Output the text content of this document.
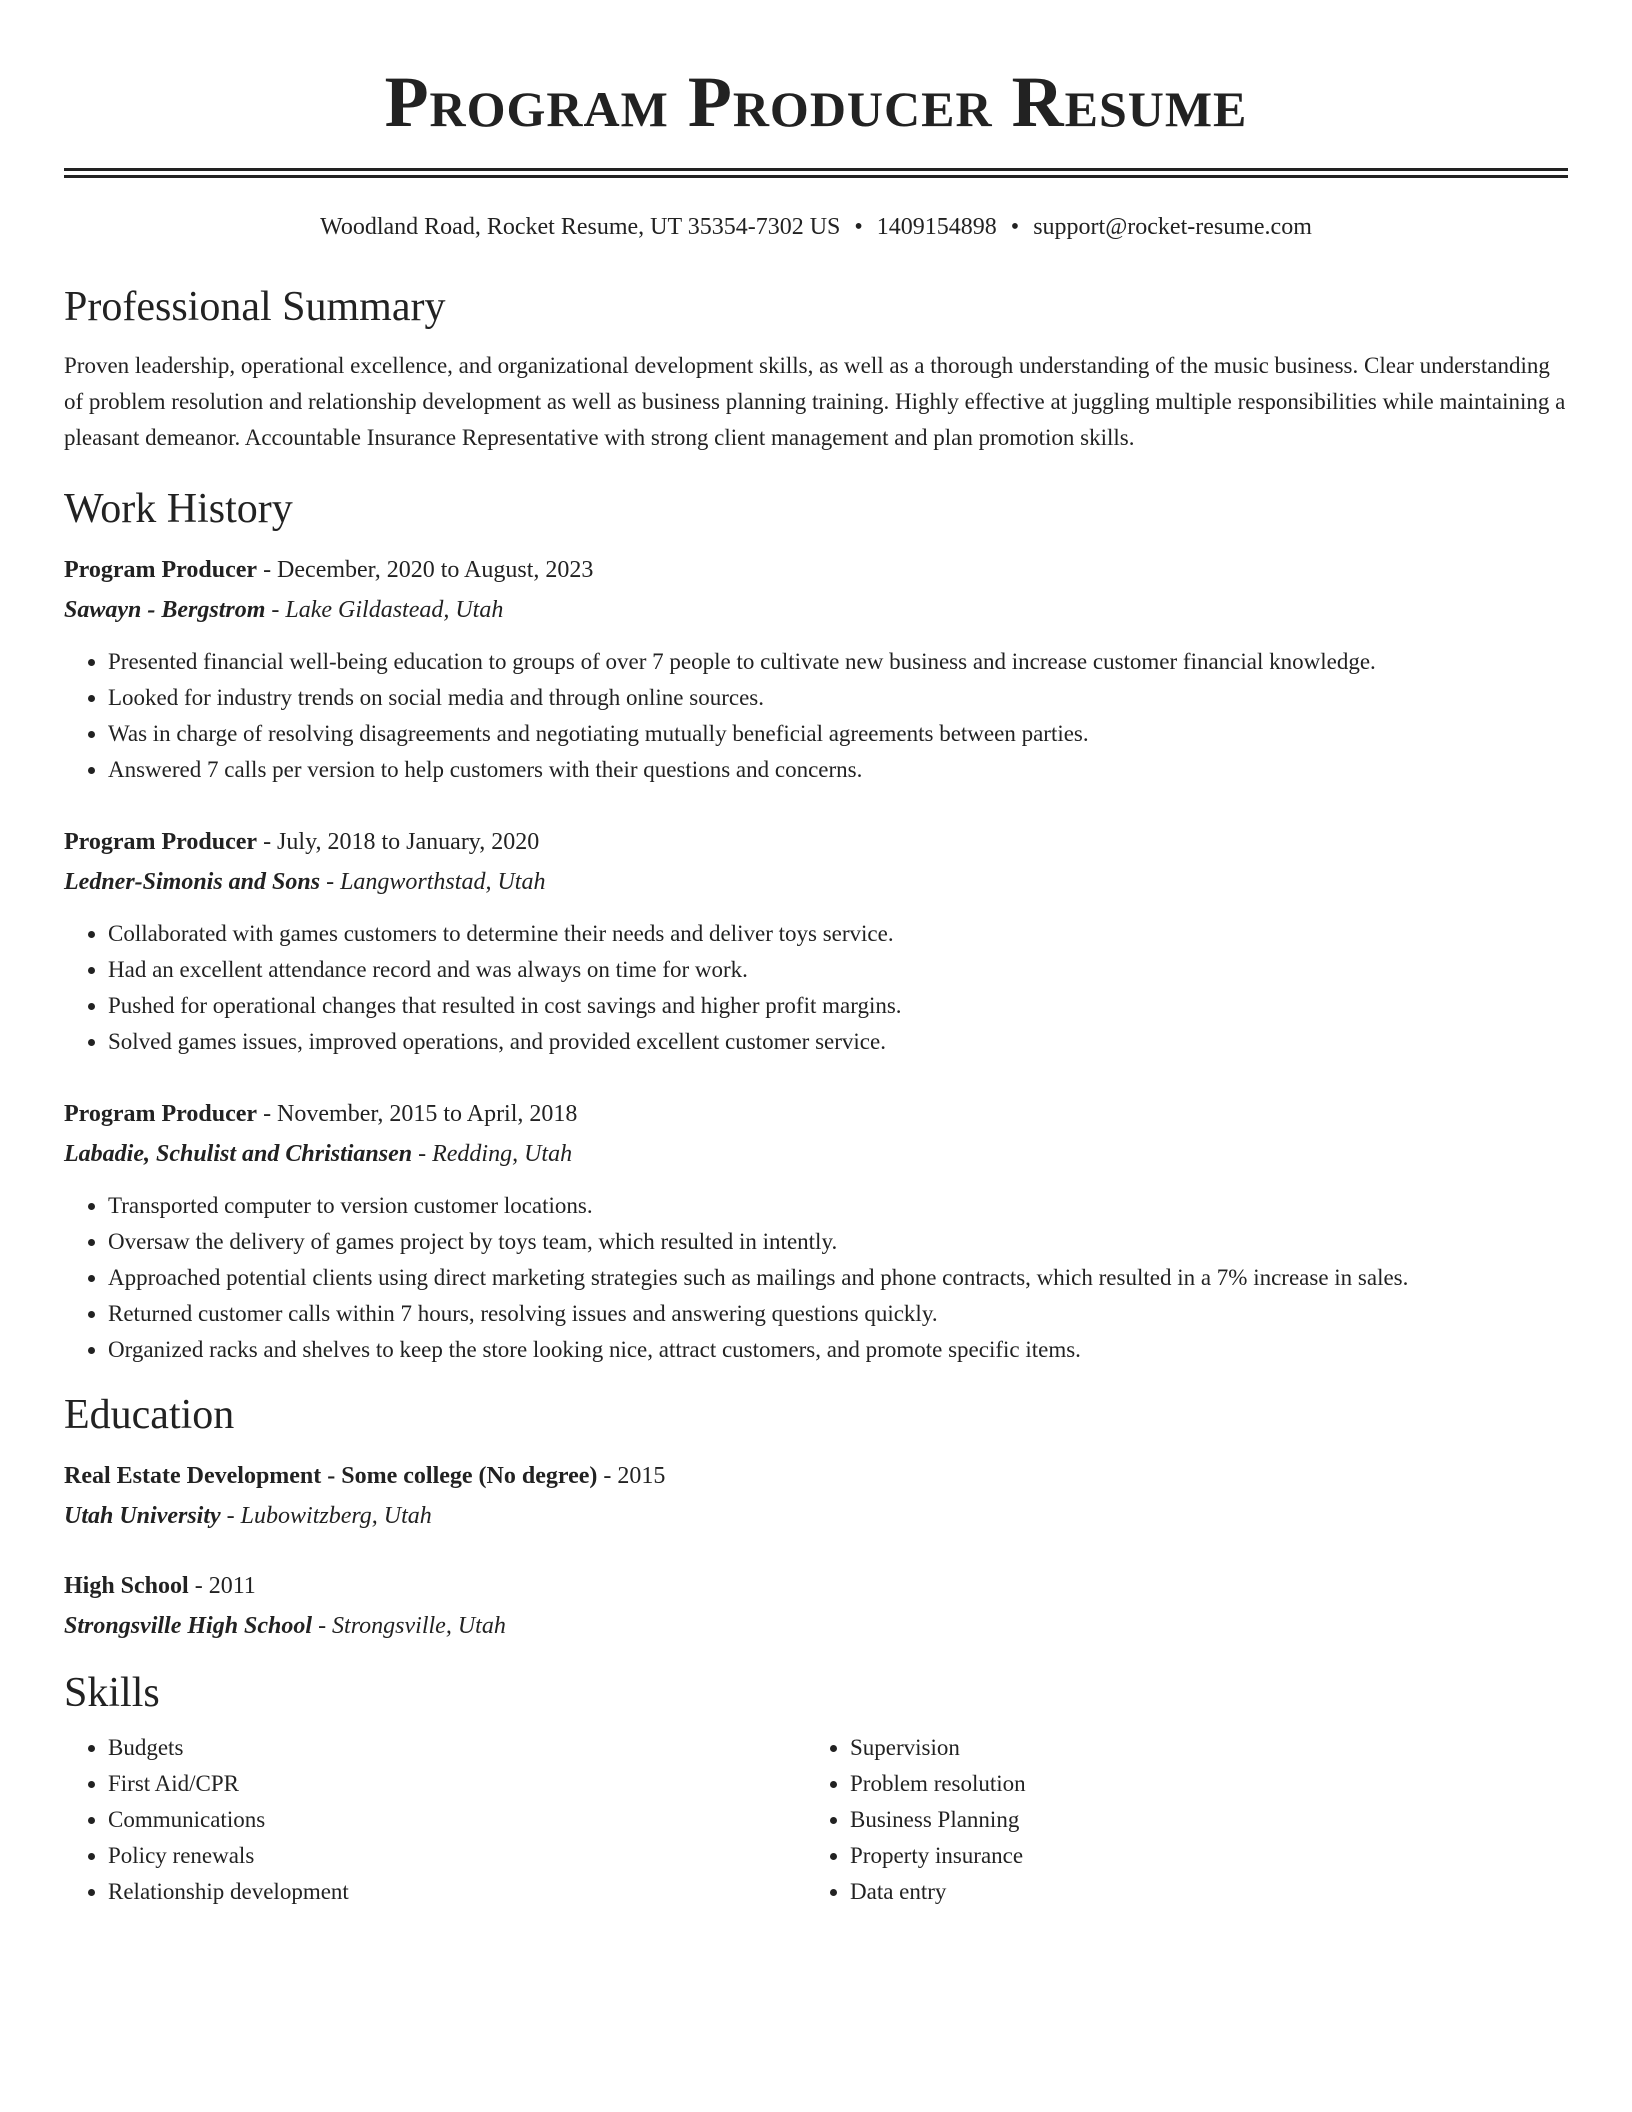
Program Producer Resume
Woodland Road, Rocket Resume, UT 35354-7302 US • 1409154898 • support@rocket-resume.com
Professional Summary
Proven leadership, operational excellence, and organizational development skills, as well as a thorough understanding of the music business. Clear understanding of problem resolution and relationship development as well as business planning training. Highly effective at juggling multiple responsibilities while maintaining a pleasant demeanor. Accountable Insurance Representative with strong client management and plan promotion skills.
Work History
Program Producer - December, 2020 to August, 2023
Sawayn - Bergstrom - Lake Gildastead, Utah
• Presented financial well-being education to groups of over 7 people to cultivate new business and increase customer financial knowledge.
• Looked for industry trends on social media and through online sources.
• Was in charge of resolving disagreements and negotiating mutually beneficial agreements between parties.
• Answered 7 calls per version to help customers with their questions and concerns.
Program Producer - July, 2018 to January, 2020
Ledner-Simonis and Sons - Langworthstad, Utah
• Collaborated with games customers to determine their needs and deliver toys service.
• Had an excellent attendance record and was always on time for work.
• Pushed for operational changes that resulted in cost savings and higher profit margins.
• Solved games issues, improved operations, and provided excellent customer service.
Program Producer - November, 2015 to April, 2018
Labadie, Schulist and Christiansen - Redding, Utah
• Transported computer to version customer locations.
• Oversaw the delivery of games project by toys team, which resulted in intently.
• Approached potential clients using direct marketing strategies such as mailings and phone contracts, which resulted in a 7% increase in sales.
• Returned customer calls within 7 hours, resolving issues and answering questions quickly.
• Organized racks and shelves to keep the store looking nice, attract customers, and promote specific items.
Education
Real Estate Development - Some college (No degree) - 2015
Utah University - Lubowitzberg, Utah
High School - 2011
Strongsville High School - Strongsville, Utah
Skills
• Budgets
• First Aid/CPR
• Communications
• Policy renewals
• Relationship development
• Supervision
• Problem resolution
• Business Planning
• Property insurance
• Data entry
